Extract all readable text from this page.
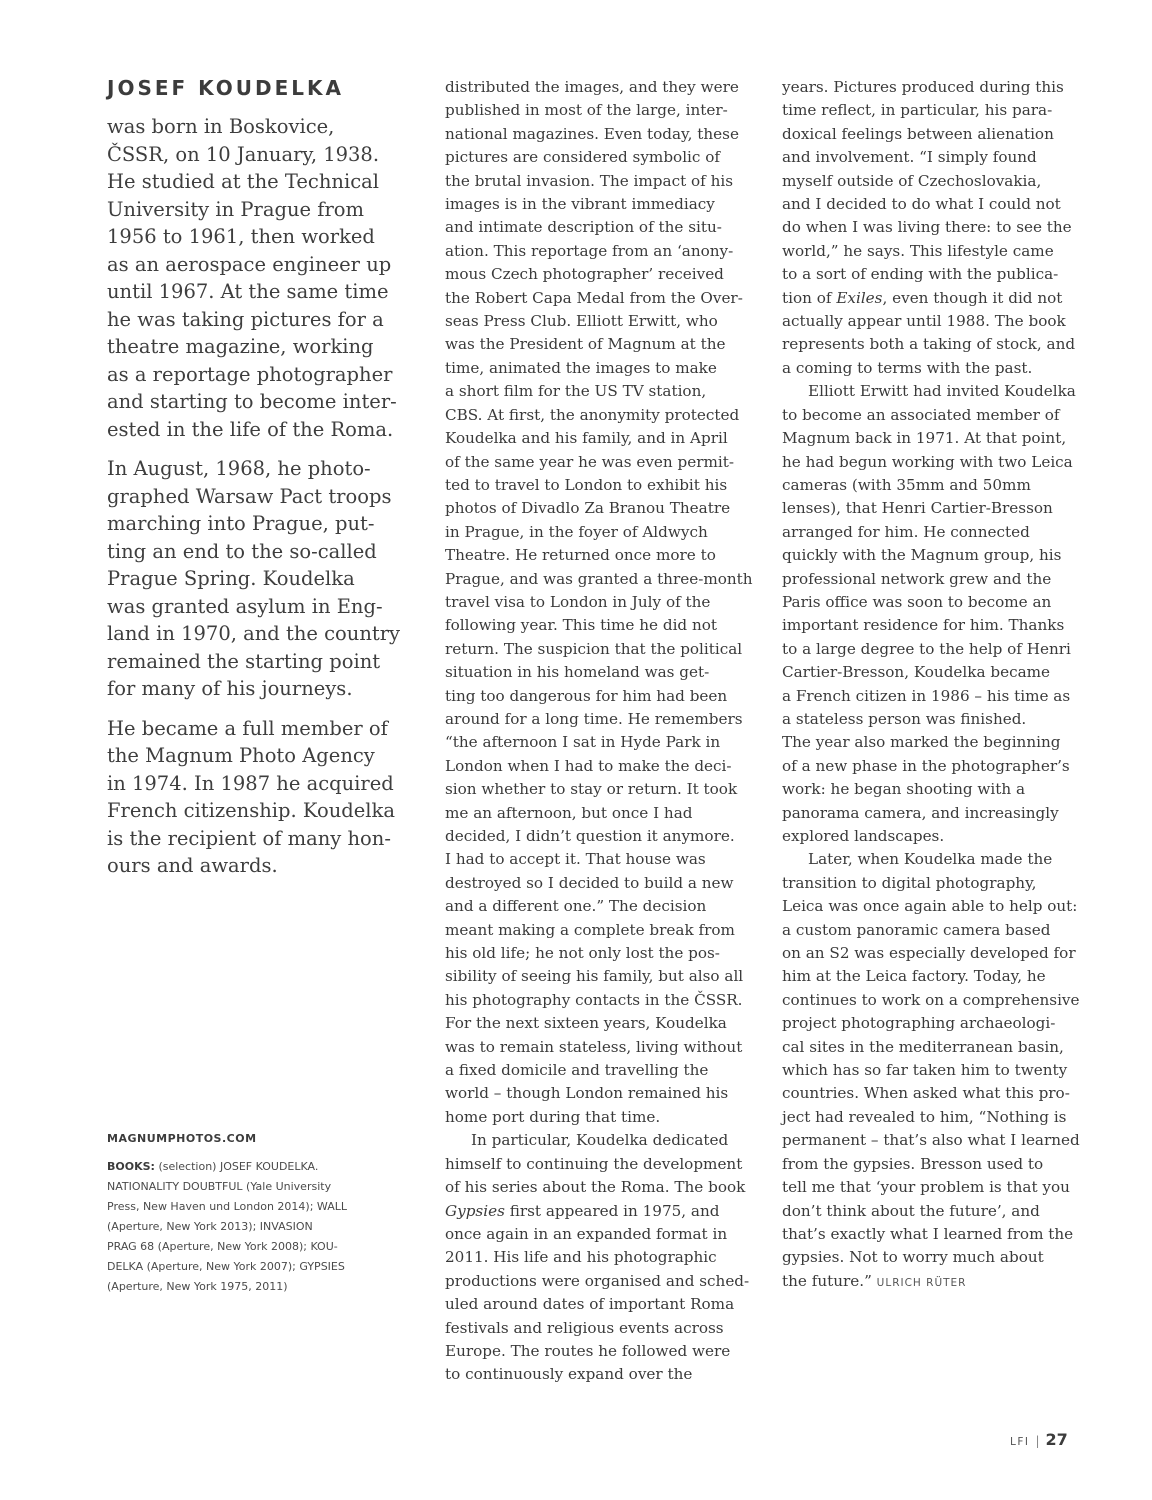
JOSEF KOUDELKA

was born in Boskovice,
ČSSR, on 10 January, 1938.
He studied at the Technical
University in Prague from
1956 to 1961, then worked
as an aerospace engineer up
until 1967. At the same time
he was taking pictures for a
theatre magazine, working
as a reportage photographer
and starting to become inter-
ested in the life of the Roma.

In August, 1968, he photo-
graphed Warsaw Pact troops
marching into Prague, put-
ting an end to the so-called
Prague Spring. Koudelka
was granted asylum in Eng-
land in 1970, and the country
remained the starting point
for many of his journeys.

He became a full member of
the Magnum Photo Agency
in 1974. In 1987 he acquired
French citizenship. Koudelka
is the recipient of many hon-
ours and awards.

MAGNUMPHOTOS.COM
BOOKS: (selection) JOSEF KOUDELKA.
NATIONALITY DOUBTFUL (Yale University
Press, New Haven und London 2014); WALL
(Aperture, New York 2013); INVASION
PRAG 68 (Aperture, New York 2008); KOU-
DELKA (Aperture, New York 2007); GYPSIES
(Aperture, New York 1975, 2011)
distributed the images, and they were
published in most of the large, inter-
national magazines. Even today, these
pictures are considered symbolic of
the brutal invasion. The impact of his
images is in the vibrant immediacy
and intimate description of the situ-
ation. This reportage from an ‘anony-
mous Czech photographer’ received
the Robert Capa Medal from the Over-
seas Press Club. Elliott Erwitt, who
was the President of Magnum at the
time, animated the images to make
a short film for the US TV station,
CBS. At first, the anonymity protected
Koudelka and his family, and in April
of the same year he was even permit-
ted to travel to London to exhibit his
photos of Divadlo Za Branou Theatre
in Prague, in the foyer of Aldwych
Theatre. He returned once more to
Prague, and was granted a three-month
travel visa to London in July of the
following year. This time he did not
return. The suspicion that the political
situation in his homeland was get-
ting too dangerous for him had been
around for a long time. He remembers
“the afternoon I sat in Hyde Park in
London when I had to make the deci-
sion whether to stay or return. It took
me an afternoon, but once I had
decided, I didn’t question it anymore.
I had to accept it. That house was
destroyed so I decided to build a new
and a different one.” The decision
meant making a complete break from
his old life; he not only lost the pos-
sibility of seeing his family, but also all
his photography contacts in the ČSSR.
For the next sixteen years, Koudelka
was to remain stateless, living without
a fixed domicile and travelling the
world – though London remained his
home port during that time.
In particular, Koudelka dedicated
himself to continuing the development
of his series about the Roma. The book
Gypsies first appeared in 1975, and
once again in an expanded format in
2011. His life and his photographic
productions were organised and sched-
uled around dates of important Roma
festivals and religious events across
Europe. The routes he followed were
to continuously expand over the
years. Pictures produced during this
time reflect, in particular, his para-
doxical feelings between alienation
and involvement. “I simply found
myself outside of Czechoslovakia,
and I decided to do what I could not
do when I was living there: to see the
world,” he says. This lifestyle came
to a sort of ending with the publica-
tion of Exiles, even though it did not
actually appear until 1988. The book
represents both a taking of stock, and
a coming to terms with the past.
Elliott Erwitt had invited Koudelka
to become an associated member of
Magnum back in 1971. At that point,
he had begun working with two Leica
cameras (with 35mm and 50mm
lenses), that Henri Cartier-Bresson
arranged for him. He connected
quickly with the Magnum group, his
professional network grew and the
Paris office was soon to become an
important residence for him. Thanks
to a large degree to the help of Henri
Cartier-Bresson, Koudelka became
a French citizen in 1986 – his time as
a stateless person was finished.
The year also marked the beginning
of a new phase in the photographer’s
work: he began shooting with a
panorama camera, and increasingly
explored landscapes.
Later, when Koudelka made the
transition to digital photography,
Leica was once again able to help out:
a custom panoramic camera based
on an S2 was especially developed for
him at the Leica factory. Today, he
continues to work on a comprehensive
project photographing archaeologi-
cal sites in the mediterranean basin,
which has so far taken him to twenty
countries. When asked what this pro-
ject had revealed to him, “Nothing is
permanent – that’s also what I learned
from the gypsies. Bresson used to
tell me that ‘your problem is that you
don’t think about the future’, and
that’s exactly what I learned from the
gypsies. Not to worry much about
the future.” ULRICH RÜTER
LFI | 27
